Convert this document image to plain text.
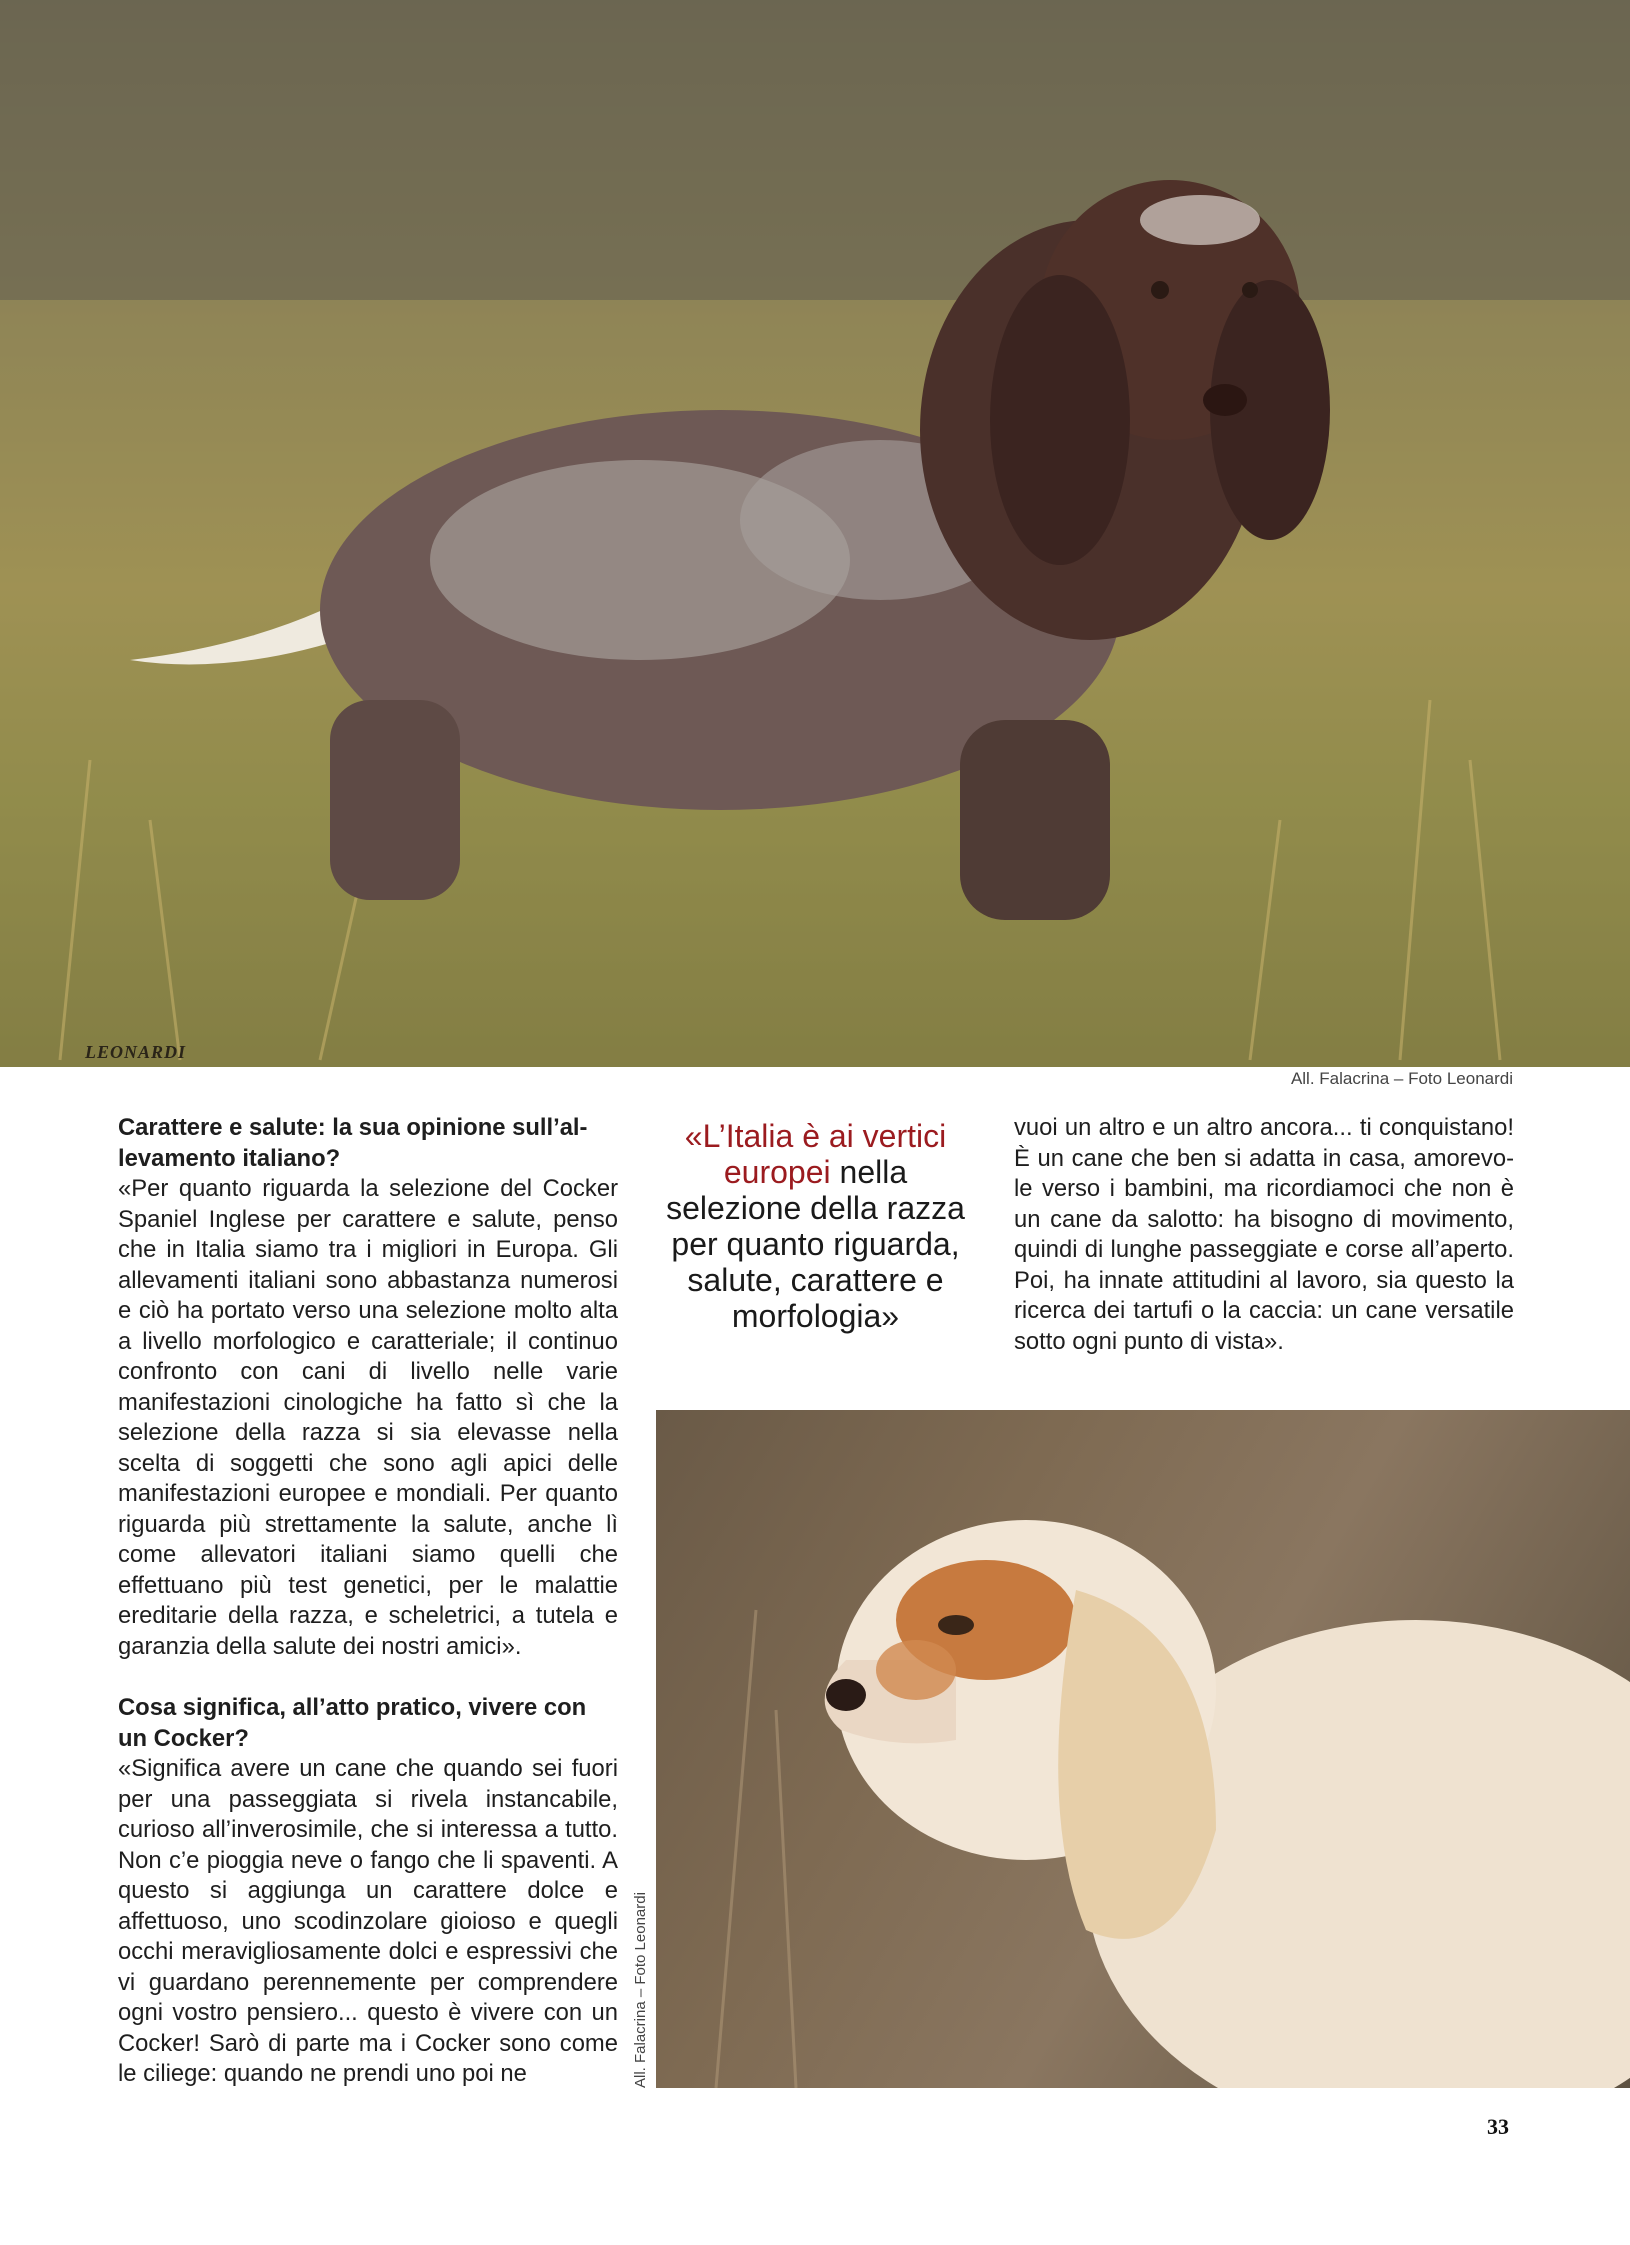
LEONARDI
All. Falacrina – Foto Leonardi

Carattere e salute: la sua opinione sull’allevamento italiano?

«Per quanto riguarda la selezione del Cocker Spaniel Inglese per carattere e salute, penso che in Italia siamo tra i migliori in Europa. Gli allevamenti italiani sono abbastanza numerosi e ciò ha portato verso una selezione molto alta a livello morfologico e caratteriale; il continuo confronto con cani di livello nelle varie manifestazioni cinologiche ha fatto sì che la selezione della razza si sia elevasse nella scelta di soggetti che sono agli apici delle manifestazioni europee e mondiali. Per quanto riguarda più strettamente la salute, anche lì come allevatori italiani siamo quelli che effettuano più test genetici, per le malattie ereditarie della razza, e scheletrici, a tutela e garanzia della salute dei nostri amici».

Cosa significa, all’atto pratico, vivere con un Cocker?

«Significa avere un cane che quando sei fuori per una passeggiata si rivela instancabile, curioso all’inverosimile, che si interessa a tutto. Non c’e pioggia neve o fango che li spaventi. A questo si aggiunga un carattere dolce e affettuoso, uno scodinzolare gioioso e quegli occhi meravigliosamente dolci e espressivi che vi guardano perennemente per comprendere ogni vostro pensiero... questo è vivere con un Cocker! Sarò di parte ma i Cocker sono come le ciliege: quando ne prendi uno poi ne

«L’Italia è ai vertici europei nella selezione della razza per quanto riguarda, salute, carattere e morfologia»

vuoi un altro e un altro ancora... ti conquistano! È un cane che ben si adatta in casa, amorevole verso i bambini, ma ricordiamoci che non è un cane da salotto: ha bisogno di movimento, quindi di lunghe passeggiate e corse all’aperto. Poi, ha innate attitudini al lavoro, sia questo la ricerca dei tartufi o la caccia: un cane versatile sotto ogni punto di vista».

All. Falacrina – Foto Leonardi
33
